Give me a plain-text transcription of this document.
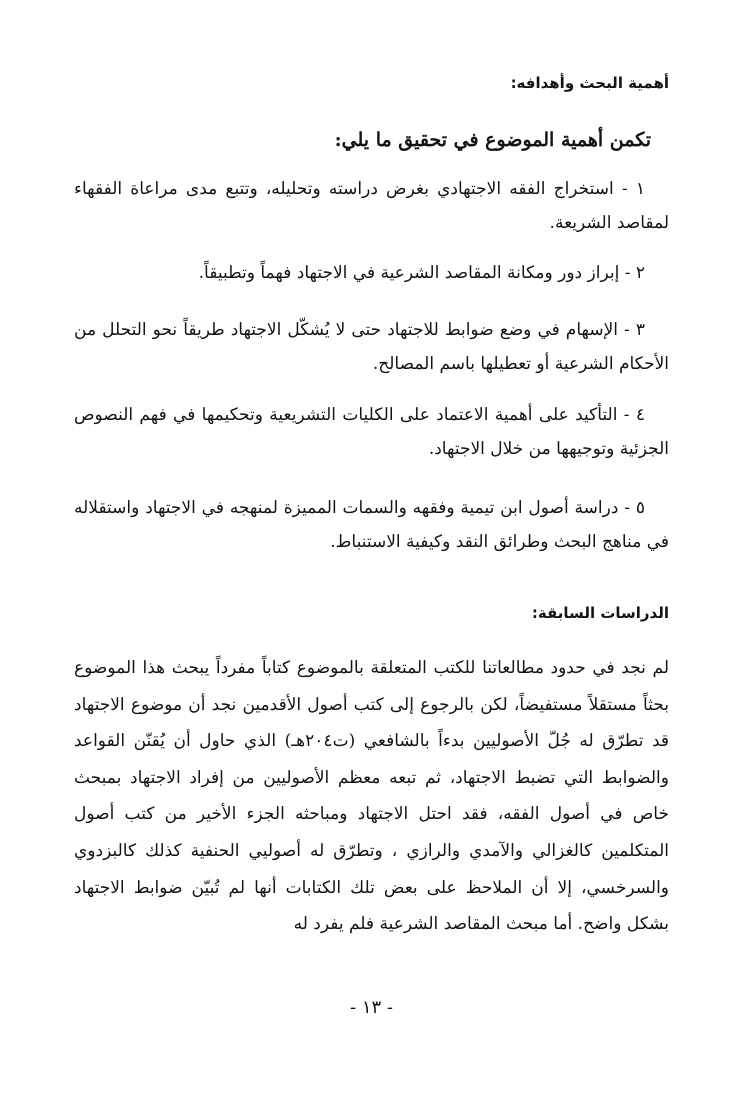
أهمية البحث وأهدافه:

تكمن أهمية الموضوع في تحقيق ما يلي:

١ - استخراج الفقه الاجتهادي بغرض دراسته وتحليله، وتتبع مدى مراعاة الفقهاء لمقاصد الشريعة.

٢ - إبراز دور ومكانة المقاصد الشرعية في الاجتهاد فهماً وتطبيقاً.

٣ - الإسهام في وضع ضوابط للاجتهاد حتى لا يُشكّل الاجتهاد طريقاً نحو التحلل من الأحكام الشرعية أو تعطيلها باسم المصالح.

٤ - التأكيد على أهمية الاعتماد على الكليات التشريعية وتحكيمها في فهم النصوص الجزئية وتوجيهها من خلال الاجتهاد.

٥ - دراسة أصول ابن تيمية وفقهه والسمات المميزة لمنهجه في الاجتهاد واستقلاله في مناهج البحث وطرائق النقد وكيفية الاستنباط.

الدراسات السابقة:

لم نجد في حدود مطالعاتنا للكتب المتعلقة بالموضوع كتاباً مفرداً يبحث هذا الموضوع بحثاً مستقلاً مستفيضاً، لكن بالرجوع إلى كتب أصول الأقدمين نجد أن موضوع الاجتهاد قد تطرّق له جُلّ الأصوليين بدءاً بالشافعي (ت٢٠٤هـ) الذي حاول أن يُقنّن القواعد والضوابط التي تضبط الاجتهاد، ثم تبعه معظم الأصوليين من إفراد الاجتهاد بمبحث خاص في أصول الفقه، فقد احتل الاجتهاد ومباحثه الجزء الأخير من كتب أصول المتكلمين كالغزالي والآمدي والرازي ، وتطرّق له أصوليي الحنفية كذلك كالبزدوي والسرخسي، إلا أن الملاحظ على بعض تلك الكتابات أنها لم تُبيّن ضوابط الاجتهاد بشكل واضح. أما مبحث المقاصد الشرعية فلم يفرد له

- ١٣ -
